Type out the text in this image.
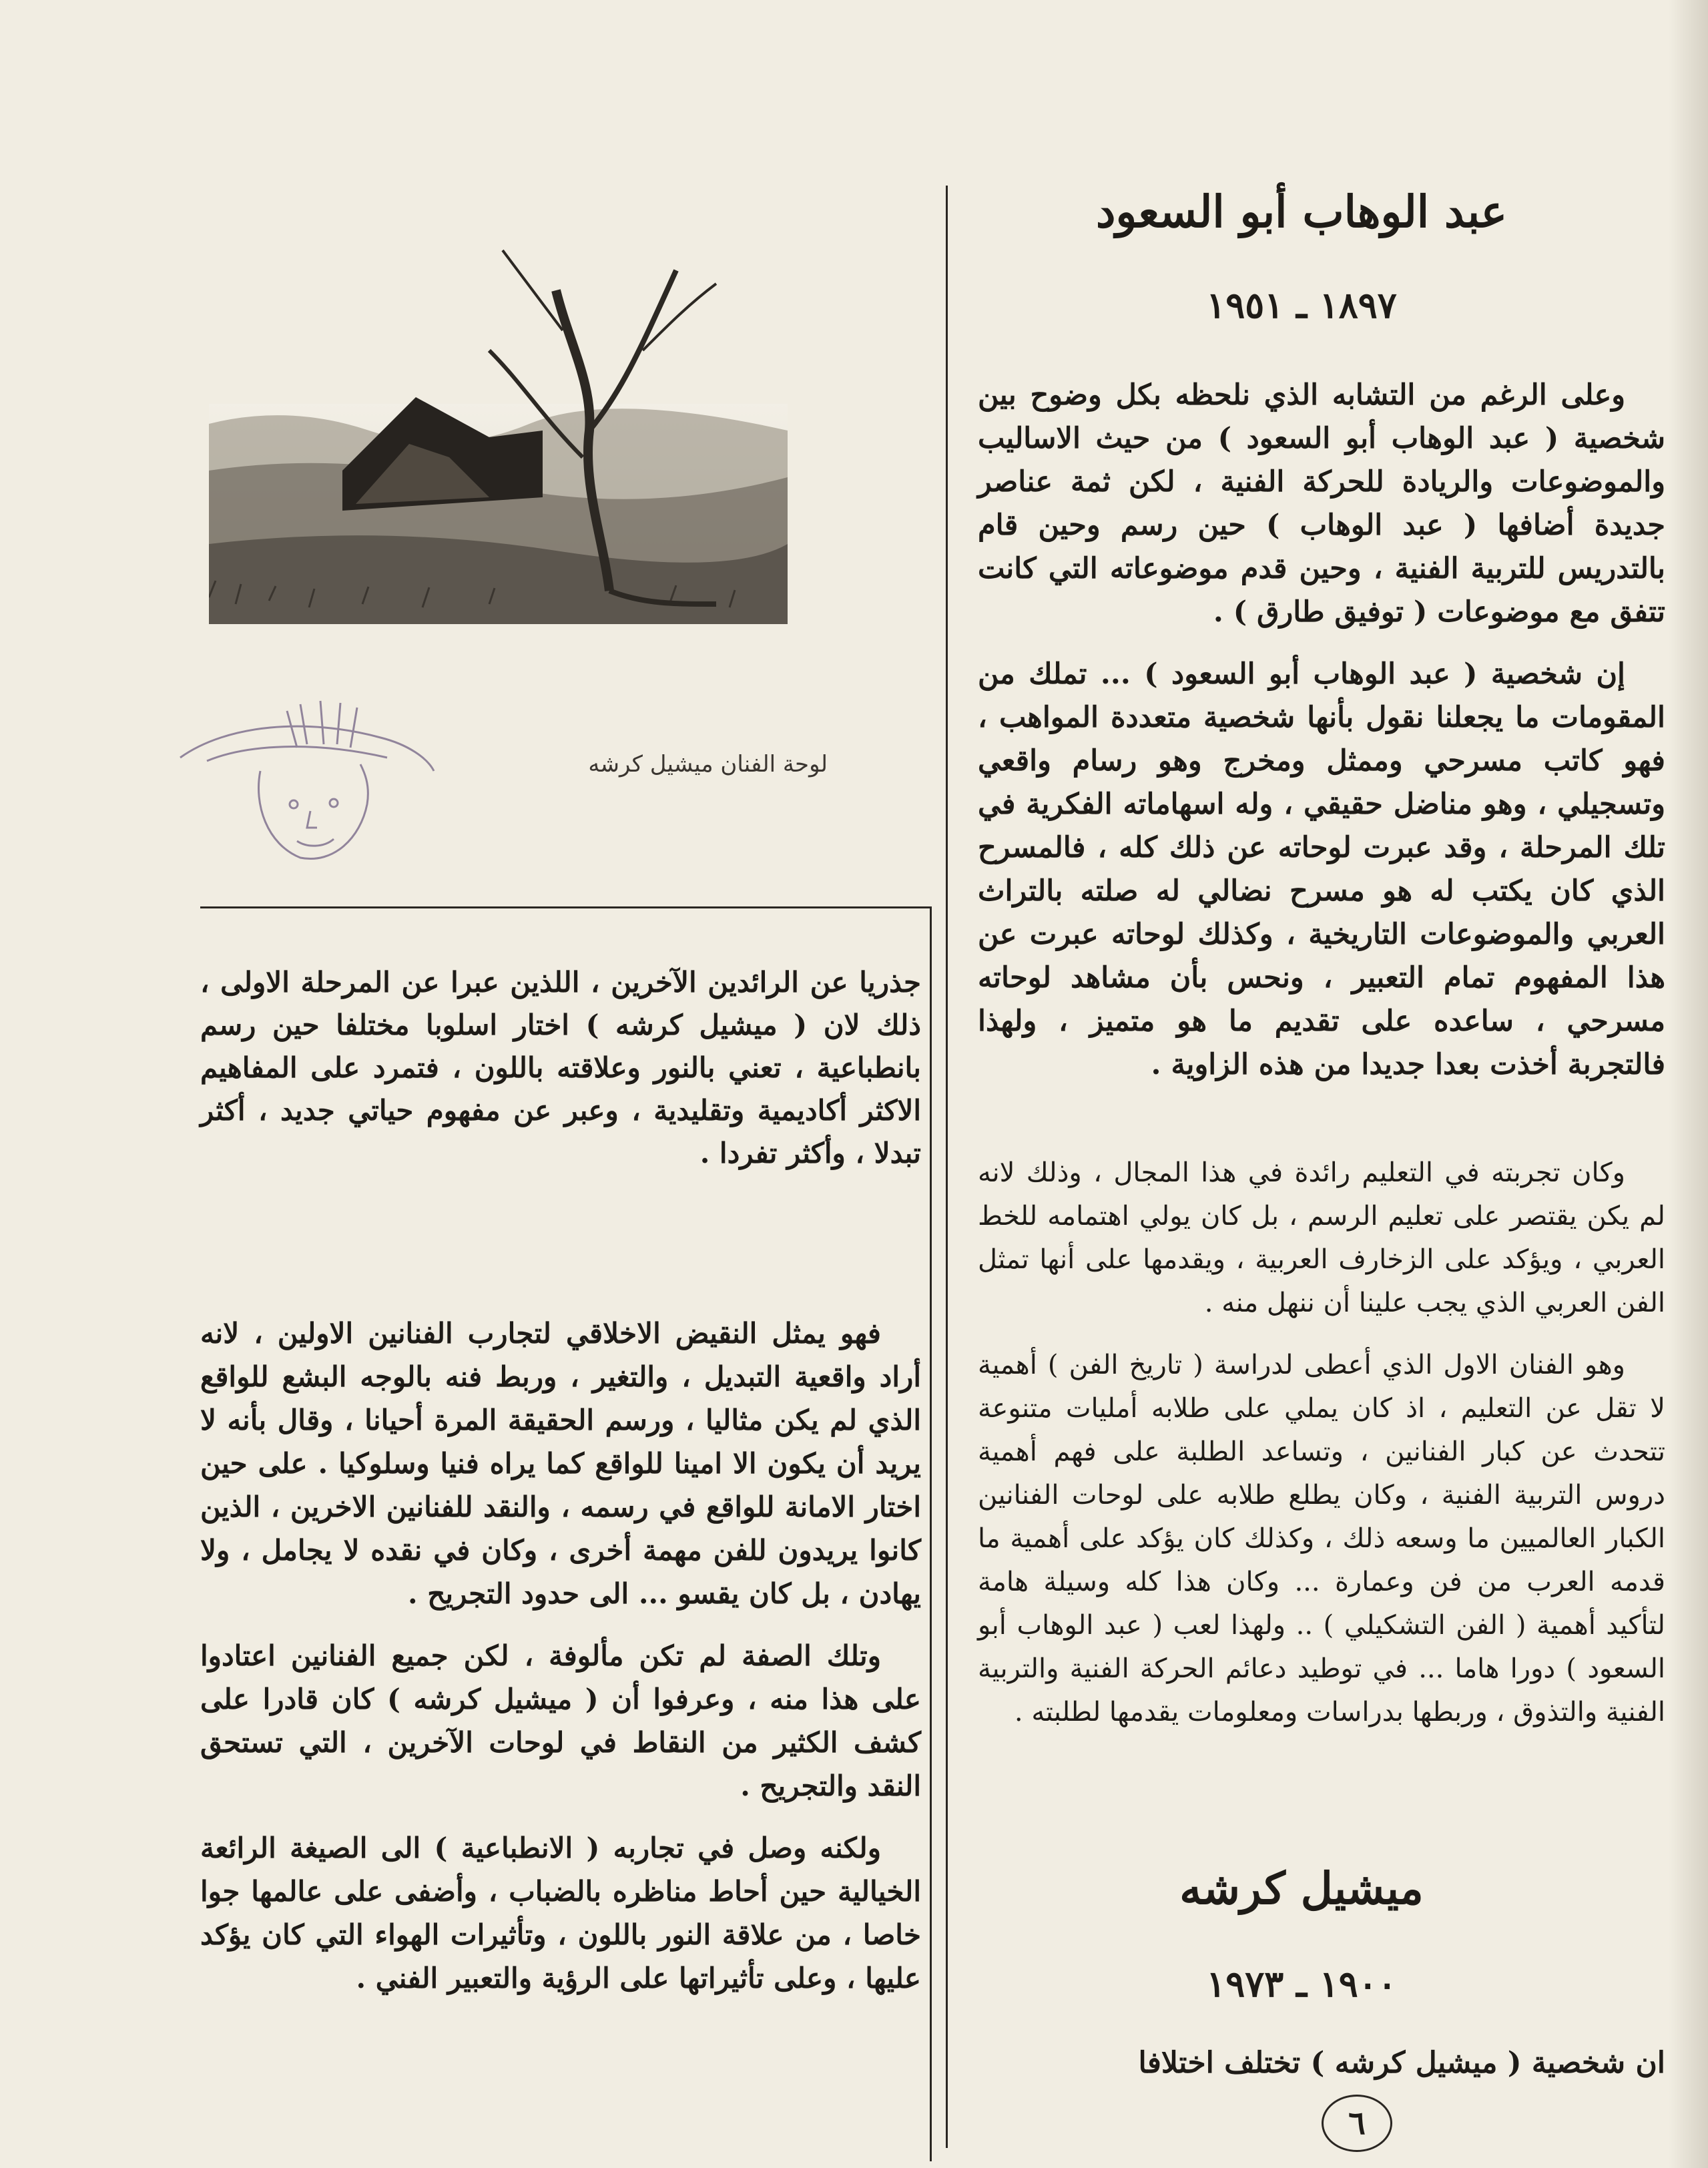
عبد الوهاب أبو السعود
١٨٩٧ ـ ١٩٥١

وعلى الرغم من التشابه الذي نلحظه بكل وضوح بين شخصية ( عبد الوهاب أبو السعود ) من حيث الاساليب والموضوعات والريادة للحركة الفنية ، لكن ثمة عناصر جديدة أضافها ( عبد الوهاب ) حين رسم وحين قام بالتدريس للتربية الفنية ، وحين قدم موضوعاته التي كانت تتفق مع موضوعات ( توفيق طارق ) .

إن شخصية ( عبد الوهاب أبو السعود ) ... تملك من المقومات ما يجعلنا نقول بأنها شخصية متعددة المواهب ، فهو كاتب مسرحي وممثل ومخرج وهو رسام واقعي وتسجيلي ، وهو مناضل حقيقي ، وله اسهاماته الفكرية في تلك المرحلة ، وقد عبرت لوحاته عن ذلك كله ، فالمسرح الذي كان يكتب له هو مسرح نضالي له صلته بالتراث العربي والموضوعات التاريخية ، وكذلك لوحاته عبرت عن هذا المفهوم تمام التعبير ، ونحس بأن مشاهد لوحاته مسرحي ، ساعده على تقديم ما هو متميز ، ولهذا فالتجربة أخذت بعدا جديدا من هذه الزاوية .

وكان تجربته في التعليم رائدة في هذا المجال ، وذلك لانه لم يكن يقتصر على تعليم الرسم ، بل كان يولي اهتمامه للخط العربي ، ويؤكد على الزخارف العربية ، ويقدمها على أنها تمثل الفن العربي الذي يجب علينا أن ننهل منه .

وهو الفنان الاول الذي أعطى لدراسة ( تاريخ الفن ) أهمية لا تقل عن التعليم ، اذ كان يملي على طلابه أمليات متنوعة تتحدث عن كبار الفنانين ، وتساعد الطلبة على فهم أهمية دروس التربية الفنية ، وكان يطلع طلابه على لوحات الفنانين الكبار العالميين ما وسعه ذلك ، وكذلك كان يؤكد على أهمية ما قدمه العرب من فن وعمارة ... وكان هذا كله وسيلة هامة لتأكيد أهمية ( الفن التشكيلي ) .. ولهذا لعب ( عبد الوهاب أبو السعود ) دورا هاما ... في توطيد دعائم الحركة الفنية والتربية الفنية والتذوق ، وربطها بدراسات ومعلومات يقدمها لطلبته .

ميشيل كرشه
١٩٠٠ ـ ١٩٧٣

ان شخصية ( ميشيل كرشه ) تختلف اختلافا

لوحة الفنان ميشيل كرشه

جذريا عن الرائدين الآخرين ، اللذين عبرا عن المرحلة الاولى ، ذلك لان ( ميشيل كرشه ) اختار اسلوبا مختلفا حين رسم بانطباعية ، تعني بالنور وعلاقته باللون ، فتمرد على المفاهيم الاكثر أكاديمية وتقليدية ، وعبر عن مفهوم حياتي جديد ، أكثر تبدلا ، وأكثر تفردا .

فهو يمثل النقيض الاخلاقي لتجارب الفنانين الاولين ، لانه أراد واقعية التبديل ، والتغير ، وربط فنه بالوجه البشع للواقع الذي لم يكن مثاليا ، ورسم الحقيقة المرة أحيانا ، وقال بأنه لا يريد أن يكون الا امينا للواقع كما يراه فنيا وسلوكيا . على حين اختار الامانة للواقع في رسمه ، والنقد للفنانين الاخرين ، الذين كانوا يريدون للفن مهمة أخرى ، وكان في نقده لا يجامل ، ولا يهادن ، بل كان يقسو ... الى حدود التجريح .

وتلك الصفة لم تكن مألوفة ، لكن جميع الفنانين اعتادوا على هذا منه ، وعرفوا أن ( ميشيل كرشه ) كان قادرا على كشف الكثير من النقاط في لوحات الآخرين ، التي تستحق النقد والتجريح .

ولكنه وصل في تجاربه ( الانطباعية ) الى الصيغة الرائعة الخيالية حين أحاط مناظره بالضباب ، وأضفى على عالمها جوا خاصا ، من علاقة النور باللون ، وتأثيرات الهواء التي كان يؤكد عليها ، وعلى تأثيراتها على الرؤية والتعبير الفني .

٦
